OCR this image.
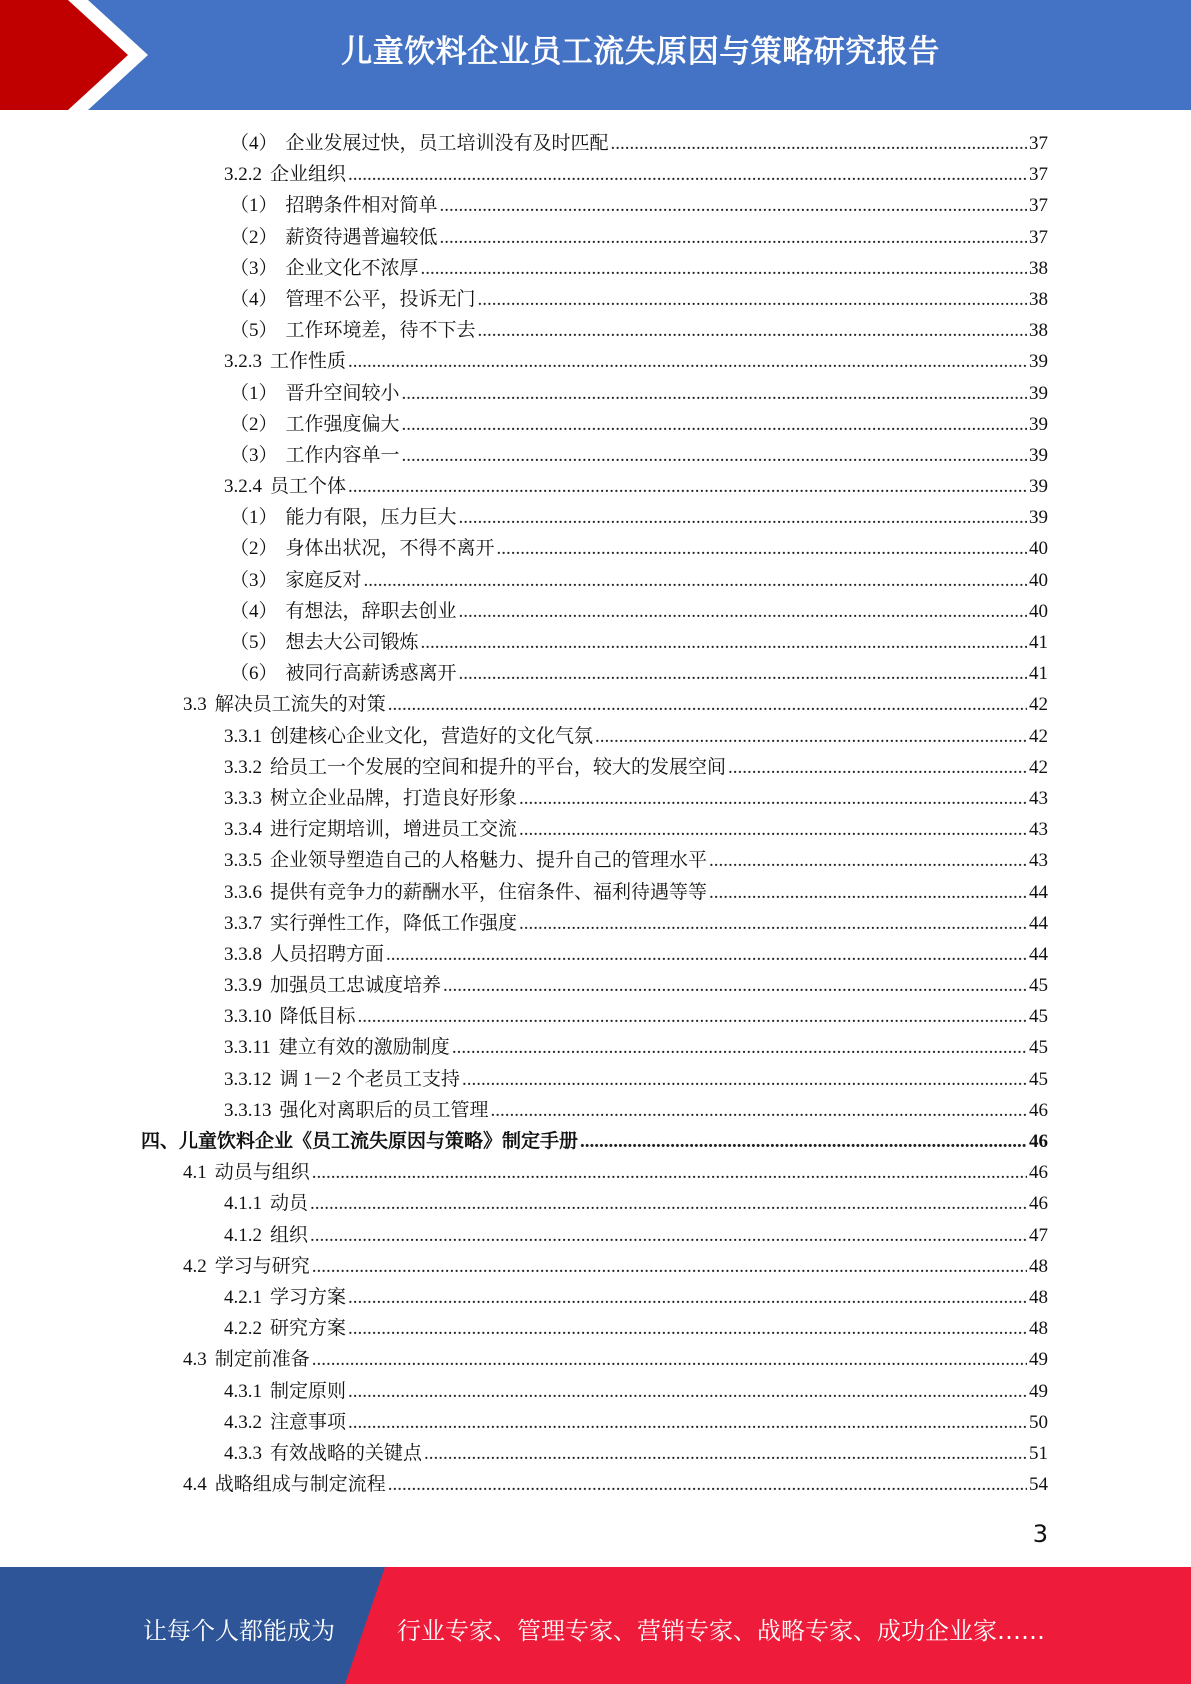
儿童饮料企业员工流失原因与策略研究报告
（4） 企业发展过快，员工培训没有及时匹配 .....	37
3.2.2 企业组织 .....	37
（1） 招聘条件相对简单 .....	37
（2） 薪资待遇普遍较低 .....	37
（3） 企业文化不浓厚 .....	38
（4） 管理不公平，投诉无门 .....	38
（5） 工作环境差，待不下去 .....	38
3.2.3 工作性质 .....	39
（1） 晋升空间较小 .....	39
（2） 工作强度偏大 .....	39
（3） 工作内容单一 .....	39
3.2.4 员工个体 .....	39
（1） 能力有限，压力巨大 .....	39
（2） 身体出状况，不得不离开 .....	40
（3） 家庭反对 .....	40
（4） 有想法，辞职去创业 .....	40
（5） 想去大公司锻炼 .....	41
（6） 被同行高薪诱惑离开 .....	41
3.3 解决员工流失的对策 .....	42
3.3.1 创建核心企业文化，营造好的文化气氛 .....	42
3.3.2 给员工一个发展的空间和提升的平台，较大的发展空间 .....	42
3.3.3 树立企业品牌，打造良好形象 .....	43
3.3.4 进行定期培训，增进员工交流 .....	43
3.3.5 企业领导塑造自己的人格魅力、提升自己的管理水平 .....	43
3.3.6 提供有竞争力的薪酬水平，住宿条件、福利待遇等等 .....	44
3.3.7 实行弹性工作，降低工作强度 .....	44
3.3.8 人员招聘方面 .....	44
3.3.9 加强员工忠诚度培养 .....	45
3.3.10 降低目标 .....	45
3.3.11 建立有效的激励制度 .....	45
3.3.12 调 1－2 个老员工支持 .....	45
3.3.13 强化对离职后的员工管理 .....	46
四、儿童饮料企业《员工流失原因与策略》制定手册 .....	46
4.1 动员与组织 .....	46
4.1.1 动员 .....	46
4.1.2 组织 .....	47
4.2 学习与研究 .....	48
4.2.1 学习方案 .....	48
4.2.2 研究方案 .....	48
4.3 制定前准备 .....	49
4.3.1 制定原则 .....	49
4.3.2 注意事项 .....	50
4.3.3 有效战略的关键点 .....	51
4.4 战略组成与制定流程 .....	54
3
让每个人都能成为	行业专家、管理专家、营销专家、战略专家、成功企业家……
